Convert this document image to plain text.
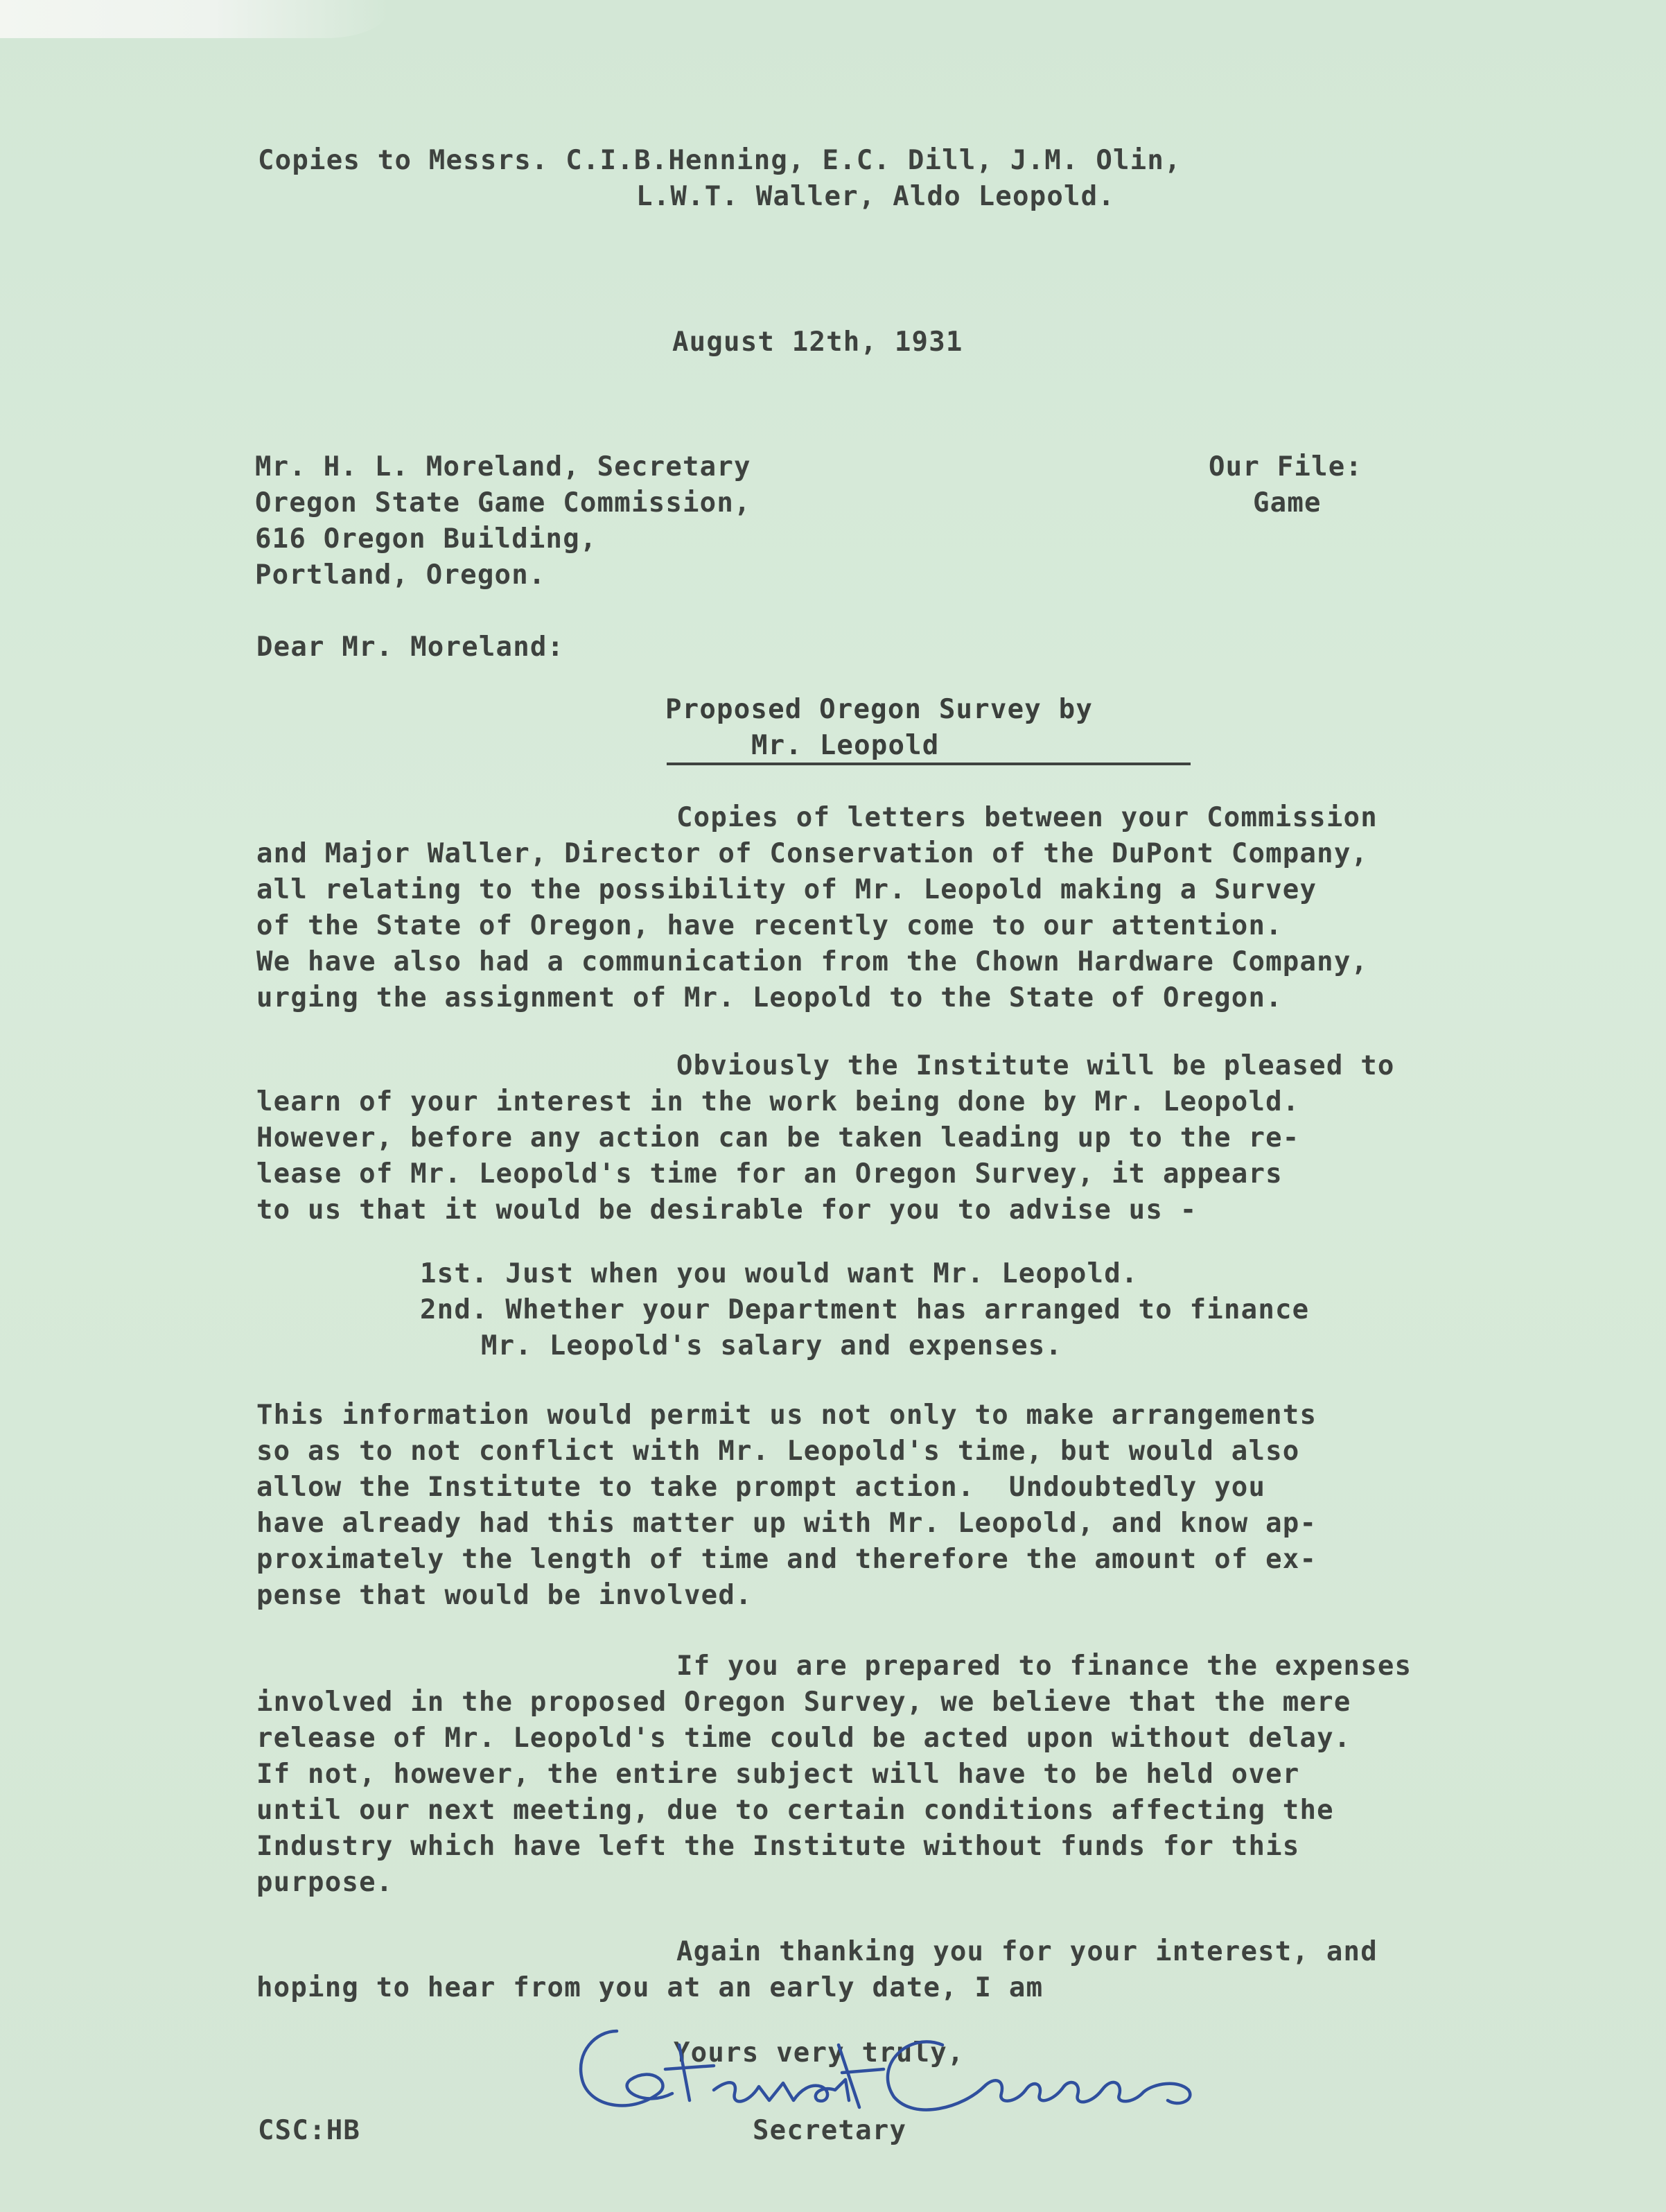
Copies to Messrs. C.I.B.Henning, E.C. Dill, J.M. Olin,
L.W.T. Waller, Aldo Leopold.
August 12th, 1931
Mr. H. L. Moreland, Secretary
Oregon State Game Commission,
616 Oregon Building,
Portland, Oregon.
Our File:
Game
Dear Mr. Moreland:
Proposed Oregon Survey by
Mr. Leopold
Copies of letters between your Commission
and Major Waller, Director of Conservation of the DuPont Company,
all relating to the possibility of Mr. Leopold making a Survey
of the State of Oregon, have recently come to our attention.
We have also had a communication from the Chown Hardware Company,
urging the assignment of Mr. Leopold to the State of Oregon.
Obviously the Institute will be pleased to
learn of your interest in the work being done by Mr. Leopold.
However, before any action can be taken leading up to the re-
lease of Mr. Leopold's time for an Oregon Survey, it appears
to us that it would be desirable for you to advise us -
1st. Just when you would want Mr. Leopold.
2nd. Whether your Department has arranged to finance
Mr. Leopold's salary and expenses.
This information would permit us not only to make arrangements
so as to not conflict with Mr. Leopold's time, but would also
allow the Institute to take prompt action.  Undoubtedly you
have already had this matter up with Mr. Leopold, and know ap-
proximately the length of time and therefore the amount of ex-
pense that would be involved.
If you are prepared to finance the expenses
involved in the proposed Oregon Survey, we believe that the mere
release of Mr. Leopold's time could be acted upon without delay.
If not, however, the entire subject will have to be held over
until our next meeting, due to certain conditions affecting the
Industry which have left the Institute without funds for this
purpose.
Again thanking you for your interest, and
hoping to hear from you at an early date, I am
Yours very truly,
CSC:HB	Secretary
